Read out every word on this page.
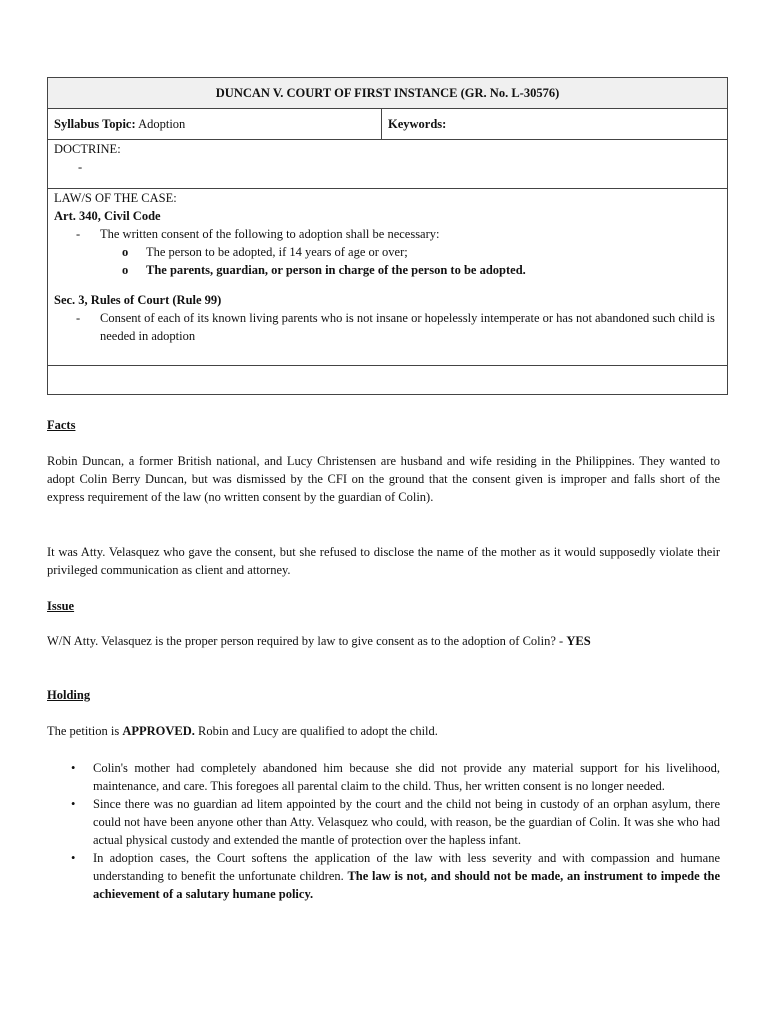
DUNCAN V. COURT OF FIRST INSTANCE (GR. No. L-30576)
Syllabus Topic: Adoption	Keywords:

DOCTRINE:
-

LAW/S OF THE CASE:
Art. 340, Civil Code
- The written consent of the following to adoption shall be necessary:
o The person to be adopted, if 14 years of age or over;
o The parents, guardian, or person in charge of the person to be adopted.
Sec. 3, Rules of Court (Rule 99)
- Consent of each of its known living parents who is not insane or hopelessly intemperate or has not abandoned such child is needed in adoption

Facts

Robin Duncan, a former British national, and Lucy Christensen are husband and wife residing in the Philippines. They wanted to adopt Colin Berry Duncan, but was dismissed by the CFI on the ground that the consent given is improper and falls short of the express requirement of the law (no written consent by the guardian of Colin).

It was Atty. Velasquez who gave the consent, but she refused to disclose the name of the mother as it would supposedly violate their privileged communication as client and attorney.

Issue

W/N Atty. Velasquez is the proper person required by law to give consent as to the adoption of Colin? - YES

Holding

The petition is APPROVED. Robin and Lucy are qualified to adopt the child.

• Colin's mother had completely abandoned him because she did not provide any material support for his livelihood, maintenance, and care. This foregoes all parental claim to the child. Thus, her written consent is no longer needed.
• Since there was no guardian ad litem appointed by the court and the child not being in custody of an orphan asylum, there could not have been anyone other than Atty. Velasquez who could, with reason, be the guardian of Colin. It was she who had actual physical custody and extended the mantle of protection over the hapless infant.
• In adoption cases, the Court softens the application of the law with less severity and with compassion and humane understanding to benefit the unfortunate children. The law is not, and should not be made, an instrument to impede the achievement of a salutary humane policy.
